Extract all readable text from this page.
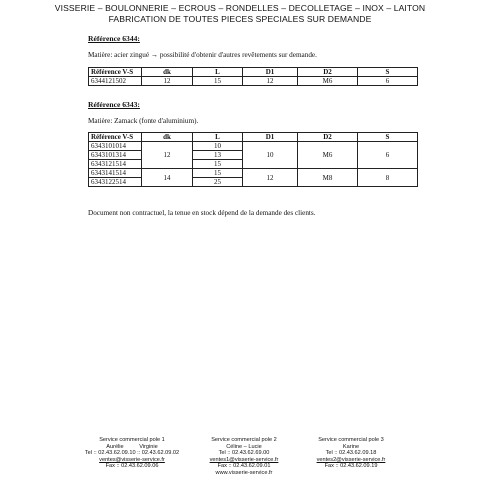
VISSERIE – BOULONNERIE – ECROUS – RONDELLES – DECOLLETAGE – INOX – LAITON
FABRICATION DE TOUTES PIECES SPECIALES SUR DEMANDE
Référence 6344:
Matière: acier zingué → possibilité d'obtenir d'autres revêtements sur demande.
Référence V-S	dk	L	D1	D2	S
6344121502	12	15	12	M6	6
Référence 6343:
Matière: Zamack (fonte d'aluminium).
Référence V-S	dk	L	D1	D2	S
6343101014	12	10	10	M6	6
6343101314		13			
6343121514		15			
6343141514	14	15	12	M8	8
6343122514		25			
Document non contractuel, la tenue en stock dépend de la demande des clients.
Service commercial pole 1
Aurélie          Virginie
Tel :: 02.43.62.09.10 :: 02.43.62.09.02
ventes@visserie-service.fr
Fax :: 02.43.62.09.06
Service commercial pole 2
Céline – Lucie
Tel :: 02.43.62.69.00
ventes1@visserie-service.fr
Fax :: 02.43.62.09.01
www.visserie-service.fr
Service commercial pole 3
Karine
Tel :: 02.43.62.09.18
ventes2@visserie-service.fr
Fax :: 02.43.62.09.19
